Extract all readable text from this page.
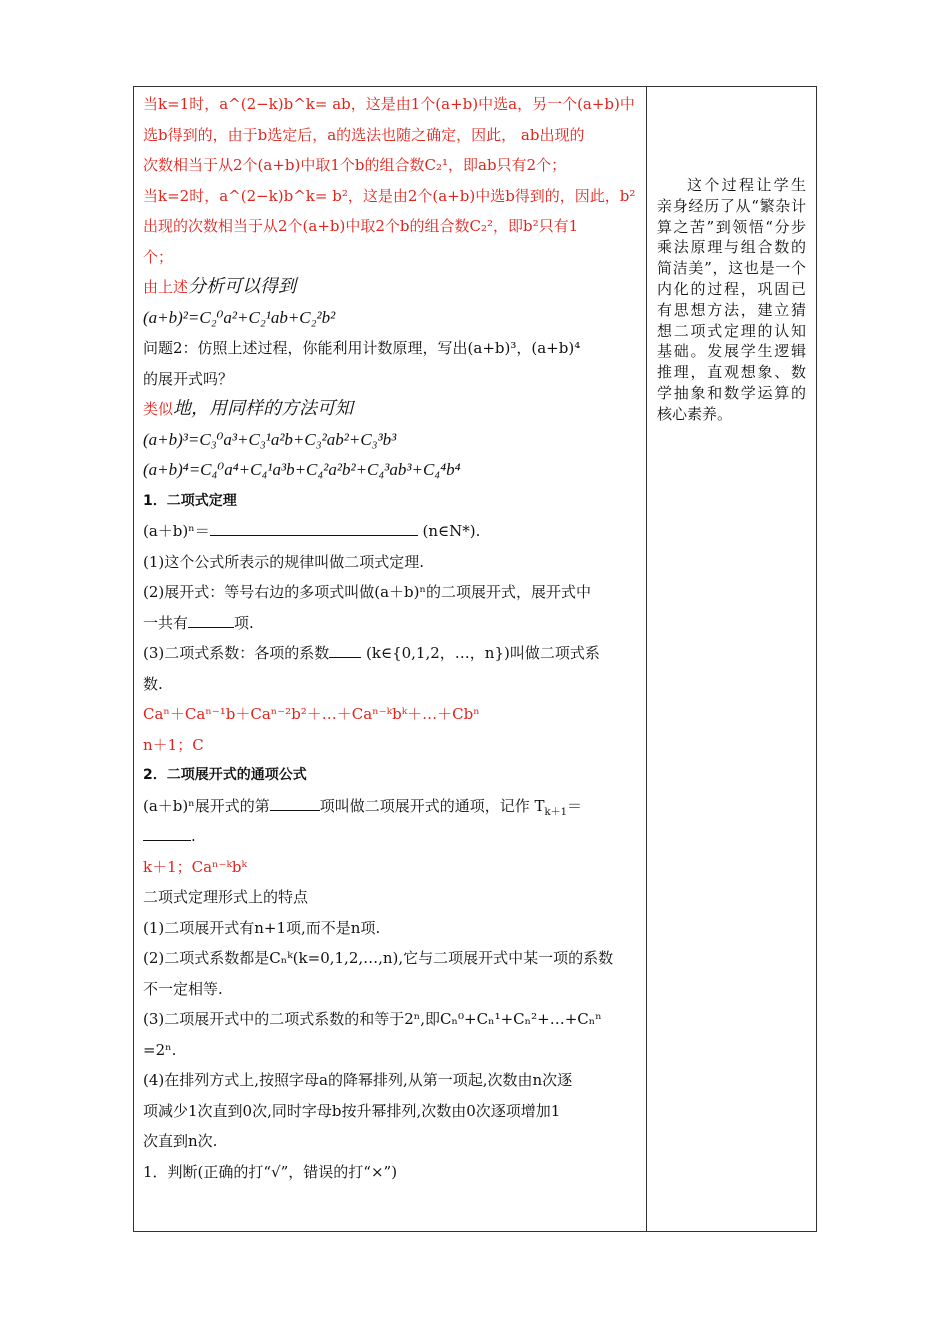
当k=1时，a^(2−k)b^k= ab，这是由1个(a+b)中选a，另一个(a+b)中
选b得到的，由于b选定后，a的选法也随之确定，因此， ab出现的
次数相当于从2个(a+b)中取1个b的组合数C₂¹，即ab只有2个；
当k=2时，a^(2−k)b^k= b²，这是由2个(a+b)中选b得到的，因此，b²
出现的次数相当于从2个(a+b)中取2个b的组合数C₂²，即b²只有1
个；
由上述分析可以得到
(a+b)²=C₂⁰a²+C₂¹ab+C₂²b²
问题2：仿照上述过程，你能利用计数原理，写出(a+b)³，(a+b)⁴
的展开式吗？
类似地，用同样的方法可知
(a+b)³=C₃⁰a³+C₃¹a²b+C₃²ab²+C₃³b³
(a+b)⁴=C₄⁰a⁴+C₄¹a³b+C₄²a²b²+C₄³ab³+C₄⁴b⁴
1．二项式定理
(a＋b)ⁿ＝	(n∈N*).
(1)这个公式所表示的规律叫做二项式定理.
(2)展开式：等号右边的多项式叫做(a＋b)ⁿ的二项展开式，展开式中
一共有	项.
(3)二项式系数：各项的系数 (k∈{0,1,2，…，n})叫做二项式系
数.
Caⁿ＋Caⁿ⁻¹b＋Caⁿ⁻²b²＋…＋Caⁿ⁻ᵏbᵏ＋…＋Cbⁿ
n＋1；C
2．二项展开式的通项公式
(a＋b)ⁿ展开式的第	项叫做二项展开式的通项，记作 $T_{k+1}=$
.
k＋1；Caⁿ⁻ᵏbᵏ
二项式定理形式上的特点
(1)二项展开式有n+1项,而不是n项.
(2)二项式系数都是Cₙᵏ(k=0,1,2,…,n),它与二项展开式中某一项的系数
不一定相等.
(3)二项展开式中的二项式系数的和等于2ⁿ,即Cₙ⁰+Cₙ¹+Cₙ²+…+Cₙⁿ
=2ⁿ.
(4)在排列方式上,按照字母a的降幂排列,从第一项起,次数由n次逐
项减少1次直到0次,同时字母b按升幂排列,次数由0次逐项增加1
次直到n次.
1．判断(正确的打“√”，错误的打“×”)

这个过程让学生亲身经历了从“繁杂计算之苦”到领悟“分步乘法原理与组合数的简洁美”，这也是一个内化的过程，巩固已有思想方法，建立猜想二项式定理的认知基础。发展学生逻辑推理，直观想象、数学抽象和数学运算的核心素养。
